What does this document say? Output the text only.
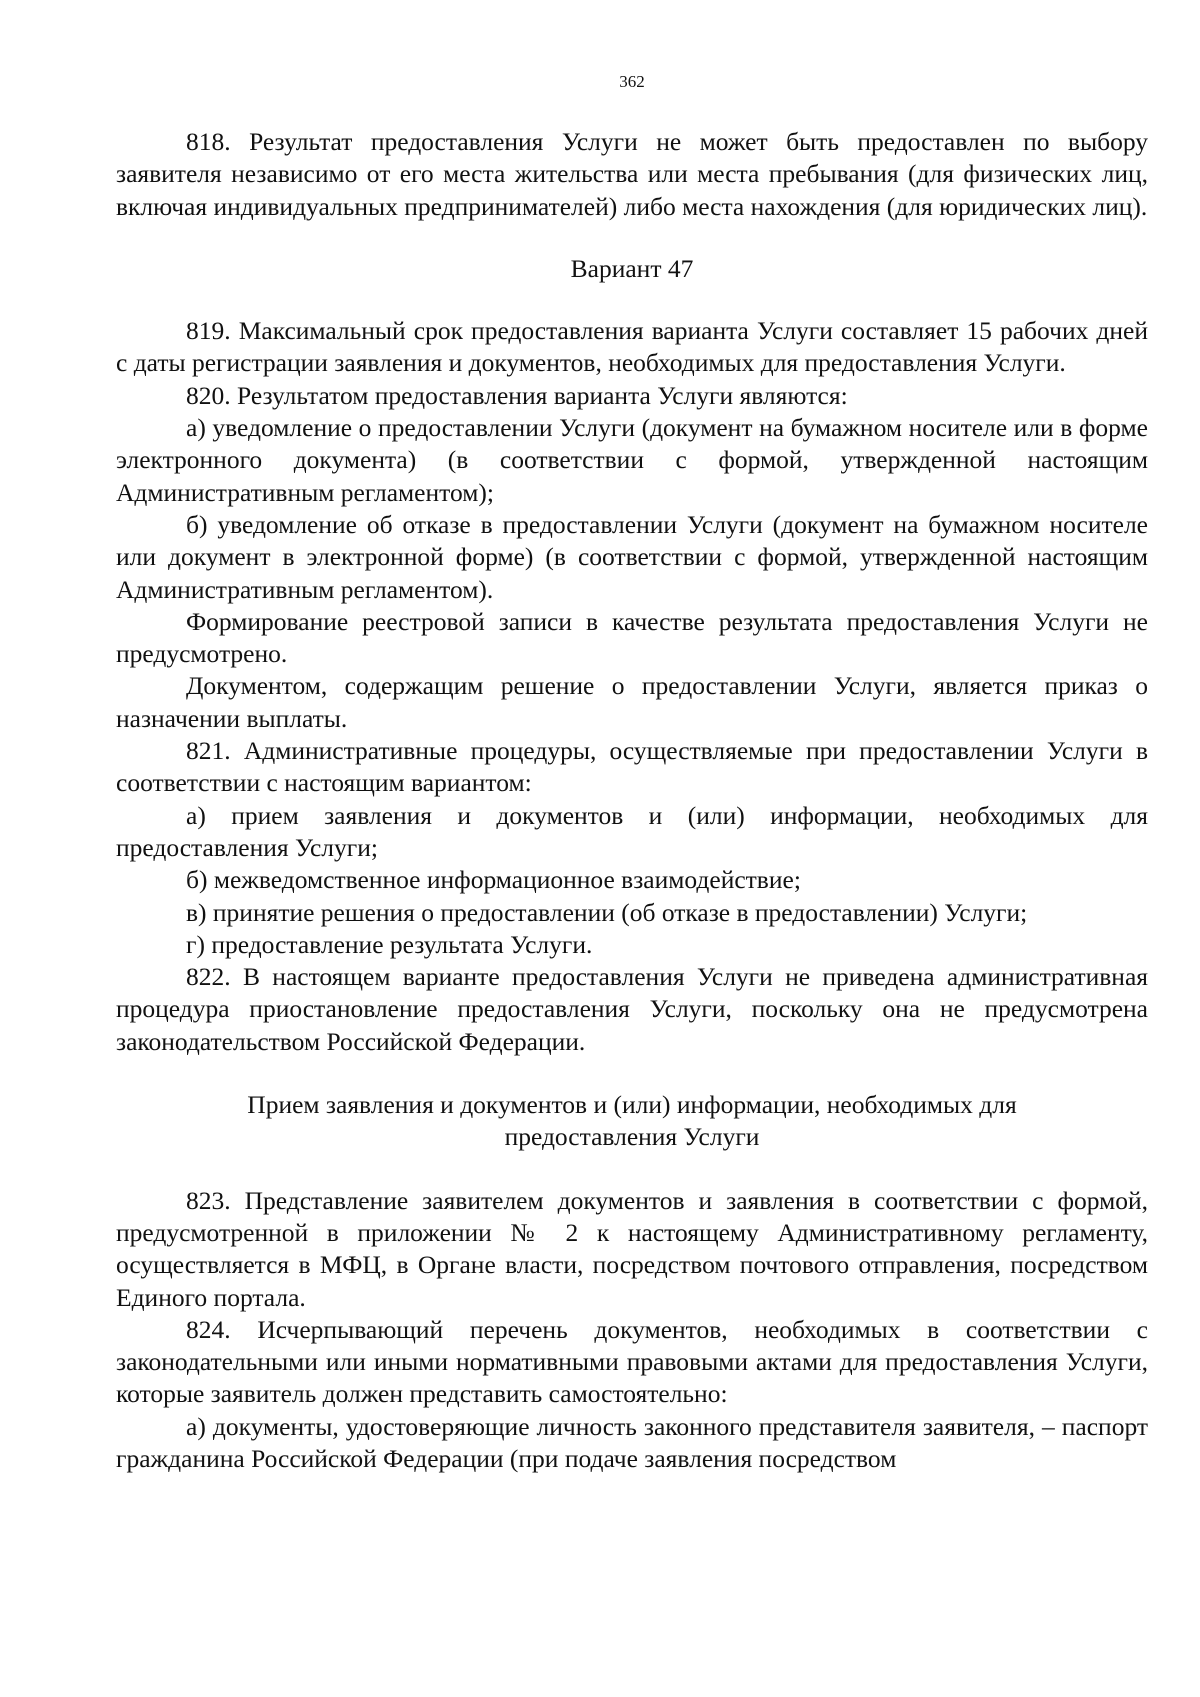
362

818. Результат предоставления Услуги не может быть предоставлен по выбору заявителя независимо от его места жительства или места пребывания (для физических лиц, включая индивидуальных предпринимателей) либо места нахождения (для юридических лиц).

Вариант 47

819. Максимальный срок предоставления варианта Услуги составляет 15 рабочих дней с даты регистрации заявления и документов, необходимых для предоставления Услуги.

820. Результатом предоставления варианта Услуги являются:

а) уведомление о предоставлении Услуги (документ на бумажном носителе или в форме электронного документа) (в соответствии с формой, утвержденной настоящим Административным регламентом);

б) уведомление об отказе в предоставлении Услуги (документ на бумажном носителе или документ в электронной форме) (в соответствии с формой, утвержденной настоящим Административным регламентом).

Формирование реестровой записи в качестве результата предоставления Услуги не предусмотрено.

Документом, содержащим решение о предоставлении Услуги, является приказ о назначении выплаты.

821. Административные процедуры, осуществляемые при предоставлении Услуги в соответствии с настоящим вариантом:

а) прием заявления и документов и (или) информации, необходимых для предоставления Услуги;

б) межведомственное информационное взаимодействие;

в) принятие решения о предоставлении (об отказе в предоставлении) Услуги;

г) предоставление результата Услуги.

822. В настоящем варианте предоставления Услуги не приведена административная процедура приостановление предоставления Услуги, поскольку она не предусмотрена законодательством Российской Федерации.

Прием заявления и документов и (или) информации, необходимых для
предоставления Услуги

823. Представление заявителем документов и заявления в соответствии с формой, предусмотренной в приложении № 2 к настоящему Административному регламенту, осуществляется в МФЦ, в Органе власти, посредством почтового отправления, посредством Единого портала.

824. Исчерпывающий перечень документов, необходимых в соответствии с законодательными или иными нормативными правовыми актами для предоставления Услуги, которые заявитель должен представить самостоятельно:

а) документы, удостоверяющие личность законного представителя заявителя, – паспорт гражданина Российской Федерации (при подаче заявления посредством
